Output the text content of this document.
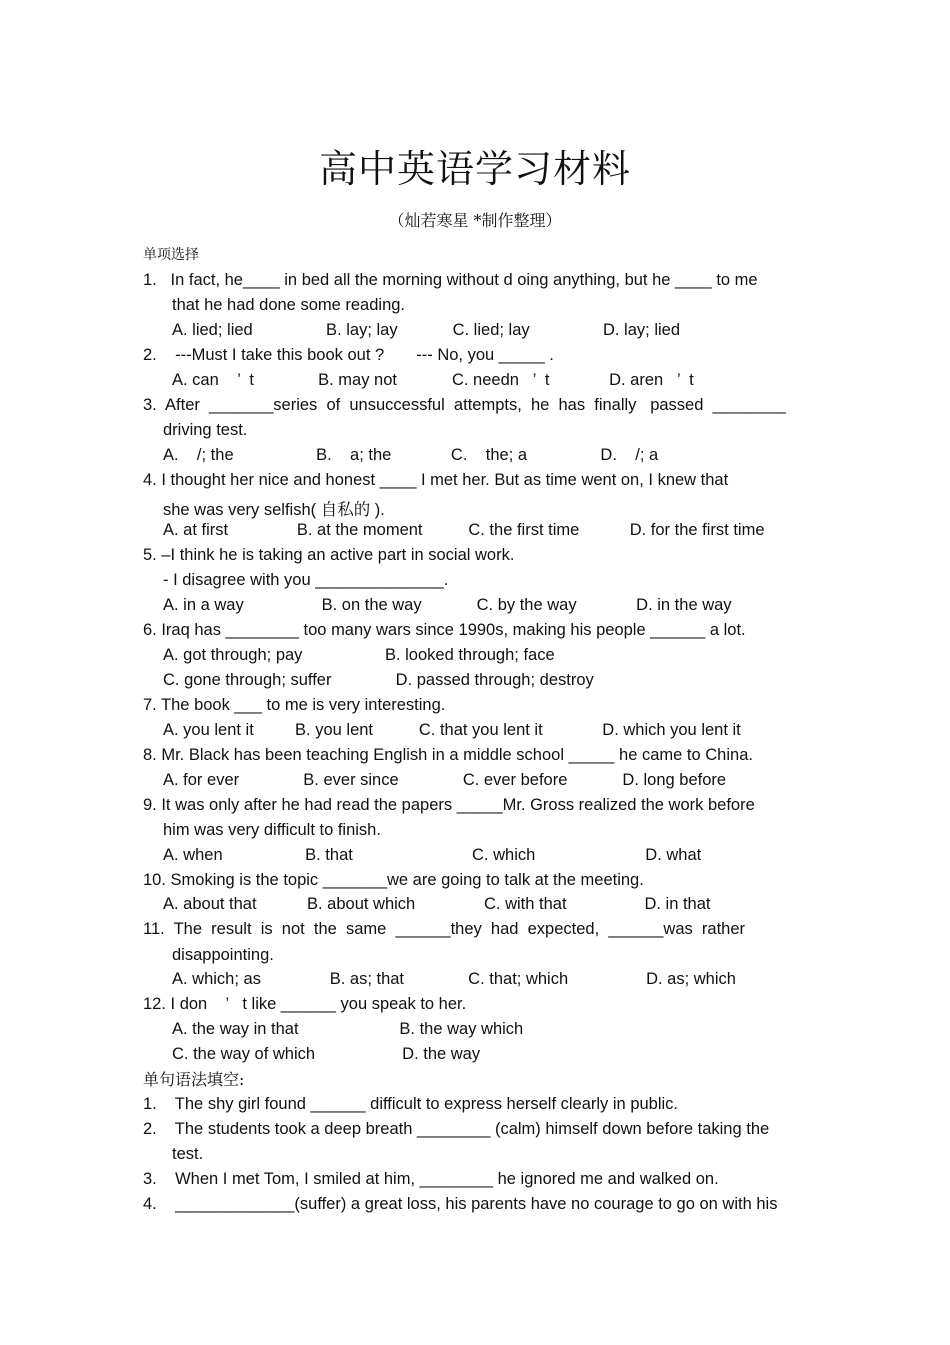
高中英语学习材料
（灿若寒星 *制作整理）
单项选择
1.   In fact, he____ in bed all the morning without d oing anything, but he ____ to me
that he had done some reading.
A. lied; lied                B. lay; lay            C. lied; lay                D. lay; lied
2.    ---Must I take this book out ?       --- No, you _____ .
A. can    ’  t              B. may not            C. needn   ’  t             D. aren   ’  t
3.  After  _______series  of  unsuccessful  attempts,  he  has  finally   passed  ________
driving test.
A.    /; the                  B.    a; the             C.    the; a                D.    /; a
4. I thought her nice and honest ____ I met her. But as time went on, I knew that
she was very selfish( 自私的 ).
A. at first               B. at the moment          C. the first time           D. for the first time
5. –I think he is taking an active part in social work.
- I disagree with you ______________.
A. in a way                 B. on the way            C. by the way             D. in the way
6. Iraq has ________ too many wars since 1990s, making his people ______ a lot.
A. got through; pay                  B. looked through; face
C. gone through; suffer              D. passed through; destroy
7. The book ___ to me is very interesting.
A. you lent it         B. you lent          C. that you lent it             D. which you lent it
8. Mr. Black has been teaching English in a middle school _____ he came to China.
A. for ever              B. ever since              C. ever before            D. long before
9. It was only after he had read the papers _____Mr. Gross realized the work before
him was very difficult to finish.
A. when                  B. that                          C. which                        D. what
10. Smoking is the topic _______we are going to talk at the meeting.
A. about that           B. about which               C. with that                 D. in that
11.  The  result  is  not  the  same  ______they  had  expected,  ______was  rather
disappointing.
A. which; as               B. as; that              C. that; which                 D. as; which
12. I don    ’   t like ______ you speak to her.
A. the way in that                      B. the way which
C. the way of which                   D. the way
单句语法填空:
1.    The shy girl found ______ difficult to express herself clearly in public.
2.    The students took a deep breath ________ (calm) himself down before taking the
test.
3.    When I met Tom, I smiled at him, ________ he ignored me and walked on.
4.    _____________(suffer) a great loss, his parents have no courage to go on with his
